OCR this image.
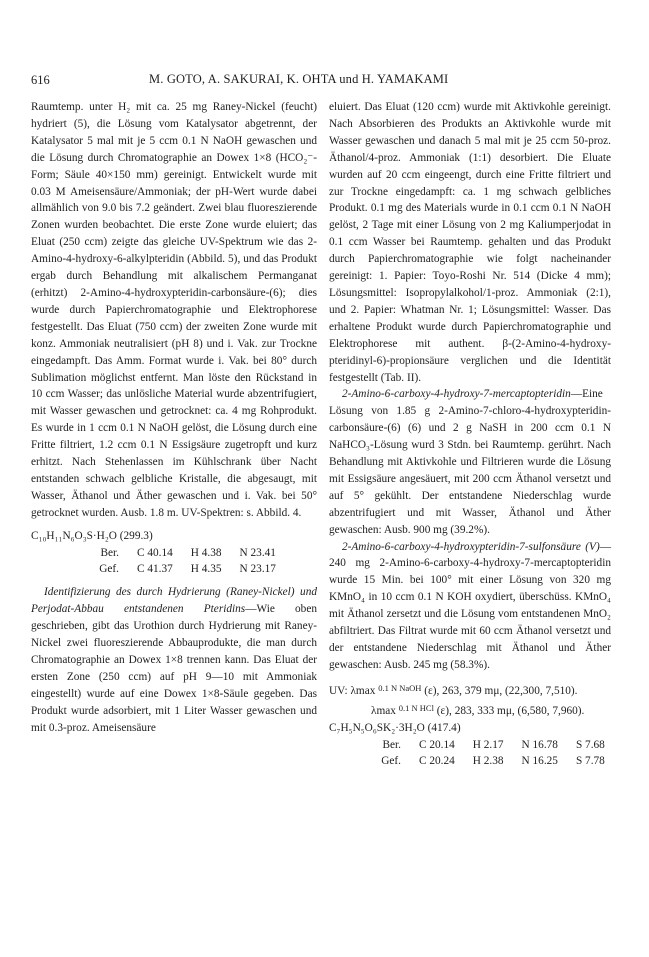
616	M. GOTO, A. SAKURAI, K. OHTA und H. YAMAKAMI

Raumtemp. unter H₂ mit ca. 25 mg Raney-Nickel (feucht) hydriert (5), die Lösung vom Katalysator abgetrennt, der Katalysator 5 mal mit je 5 ccm 0.1 N NaOH gewaschen und die Lösung durch Chromatographie an Dowex 1×8 (HCO₂⁻-Form; Säule 40×150 mm) gereinigt. Entwickelt wurde mit 0.03 M Ameisensäure/Ammoniak; der pH-Wert wurde dabei allmählich von 9.0 bis 7.2 geändert. Zwei blau fluoreszierende Zonen wurden beobachtet. Die erste Zone wurde eluiert; das Eluat (250 ccm) zeigte das gleiche UV-Spektrum wie das 2-Amino-4-hydroxy-6-alkylpteridin (Abbild. 5), und das Produkt ergab durch Behandlung mit alkalischem Permanganat (erhitzt) 2-Amino-4-hydroxypteridin-carbonsäure-(6); dies wurde durch Papierchromatographie und Elektrophorese festgestellt. Das Eluat (750 ccm) der zweiten Zone wurde mit konz. Ammoniak neutralisiert (pH 8) und i. Vak. zur Trockne eingedampft. Das Amm. Format wurde i. Vak. bei 80° durch Sublimation möglichst entfernt. Man löste den Rückstand in 10 ccm Wasser; das unlösliche Material wurde abzentrifugiert, mit Wasser gewaschen und getrocknet: ca. 4 mg Rohprodukt. Es wurde in 1 ccm 0.1 N NaOH gelöst, die Lösung durch eine Fritte filtriert, 1.2 ccm 0.1 N Essigsäure zugetropft und kurz erhitzt. Nach Stehenlassen im Kühlschrank über Nacht entstanden schwach gelbliche Kristalle, die abgesaugt, mit Wasser, Äthanol und Äther gewaschen und i. Vak. bei 50° getrocknet wurden. Ausb. 1.8 m. UV-Spektren: s. Abbild. 4.

C₁₀H₁₁N₆O₃S·H₂O (299.3)

Ber. C 40.14 H 4.38 N 23.41
Gef. C 41.37 H 4.35 N 23.17

Identifizierung des durch Hydrierung (Raney-Nickel) und Perjodat-Abbau entstandenen Pteridins—Wie oben geschrieben, gibt das Urothion durch Hydrierung mit Raney-Nickel zwei fluoreszierende Abbauprodukte, die man durch Chromatographie an Dowex 1×8 trennen kann. Das Eluat der ersten Zone (250 ccm) auf pH 9—10 mit Ammoniak eingestellt) wurde auf eine Dowex 1×8-Säule gegeben. Das Produkt wurde adsorbiert, mit 1 Liter Wasser gewaschen und mit 0.3-proz. Ameisensäure

eluiert. Das Eluat (120 ccm) wurde mit Aktivkohle gereinigt. Nach Absorbieren des Produkts an Aktivkohle wurde mit Wasser gewaschen und danach 5 mal mit je 25 ccm 50-proz. Äthanol/4-proz. Ammoniak (1:1) desorbiert. Die Eluate wurden auf 20 ccm eingeengt, durch eine Fritte filtriert und zur Trockne eingedampft: ca. 1 mg schwach gelbliches Produkt. 0.1 mg des Materials wurde in 0.1 ccm 0.1 N NaOH gelöst, 2 Tage mit einer Lösung von 2 mg Kaliumperjodat in 0.1 ccm Wasser bei Raumtemp. gehalten und das Produkt durch Papierchromatographie wie folgt nacheinander gereinigt: 1. Papier: Toyo-Roshi Nr. 514 (Dicke 4 mm); Lösungsmittel: Isopropylalkohol/1-proz. Ammoniak (2:1), und 2. Papier: Whatman Nr. 1; Lösungsmittel: Wasser. Das erhaltene Produkt wurde durch Papierchromatographie und Elektrophorese mit authent. β-(2-Amino-4-hydroxy-pteridinyl-6)-propionsäure verglichen und die Identität festgestellt (Tab. II).

2-Amino-6-carboxy-4-hydroxy-7-mercaptopteridin—Eine Lösung von 1.85 g 2-Amino-7-chloro-4-hydroxypteridin-carbonsäure-(6) (6) und 2 g NaSH in 200 ccm 0.1 N NaHCO₃-Lösung wurd 3 Stdn. bei Raumtemp. gerührt. Nach Behandlung mit Aktivkohle und Filtrieren wurde die Lösung mit Essigsäure angesäuert, mit 200 ccm Äthanol versetzt und auf 5° gekühlt. Der entstandene Niederschlag wurde abzentrifugiert und mit Wasser, Äthanol und Äther gewaschen: Ausb. 900 mg (39.2%).

2-Amino-6-carboxy-4-hydroxypteridin-7-sulfonsäure (V)—240 mg 2-Amino-6-carboxy-4-hydroxy-7-mercaptopteridin wurde 15 Min. bei 100° mit einer Lösung von 320 mg KMnO₄ in 10 ccm 0.1 N KOH oxydiert, überschüss. KMnO₄ mit Äthanol zersetzt und die Lösung vom entstandenen MnO₂ abfiltriert. Das Filtrat wurde mit 60 ccm Äthanol versetzt und der entstandene Niederschlag mit Äthanol und Äther gewaschen: Ausb. 245 mg (58.3%).

UV: λmax $^{0.1 N NaOH}$ (ε), 263, 379 mμ, (22,300, 7,510).

λmax $^{0.1 N HCl}$ (ε), 283, 333 mμ, (6,580, 7,960).

C₇H₅N₅O₆SK₂·3H₂O (417.4)

Ber. C 20.14 H 2.17 N 16.78 S 7.68
Gef. C 20.24 H 2.38 N 16.25 S 7.78
